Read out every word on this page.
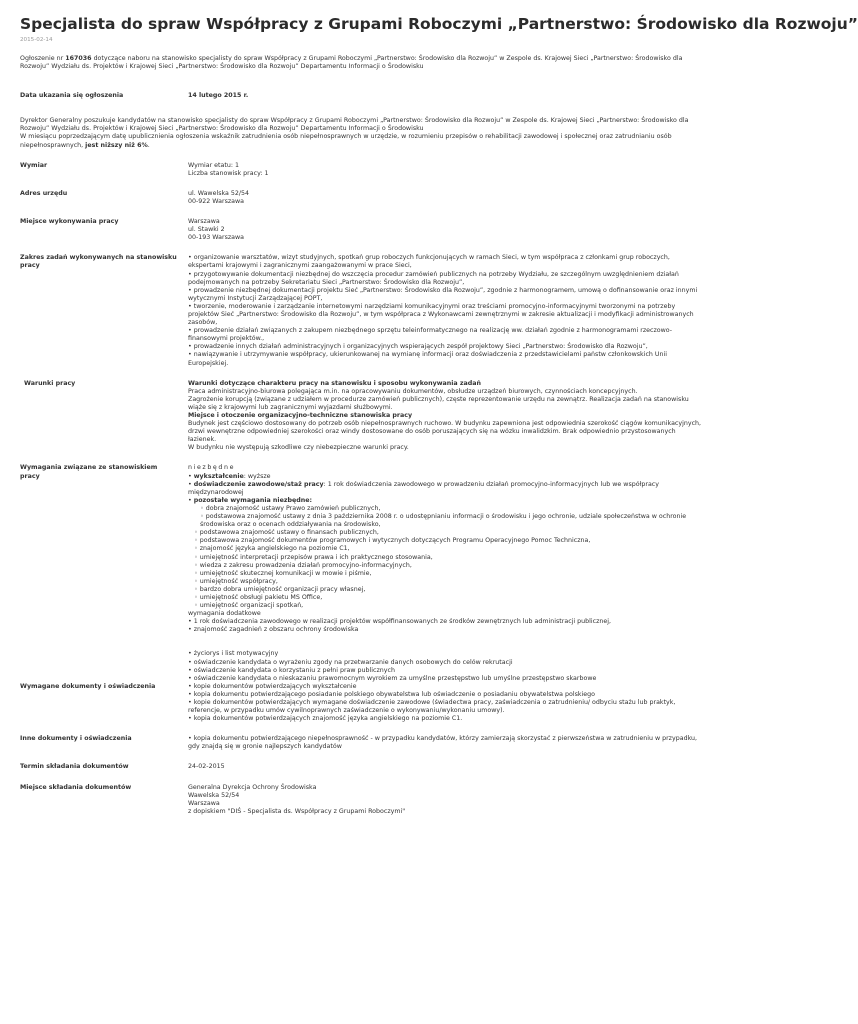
Specjalista do spraw Współpracy z Grupami Roboczymi „Partnerstwo: Środowisko dla Rozwoju”
2015-02-14
Ogłoszenie nr 167036 dotyczące naboru na stanowisko specjalisty do spraw Współpracy z Grupami Roboczymi „Partnerstwo: Środowisko dla Rozwoju” w Zespole ds. Krajowej Sieci „Partnerstwo: Środowisko dla Rozwoju” Wydziału ds. Projektów i Krajowej Sieci „Partnerstwo: Środowisko dla Rozwoju” Departamentu Informacji o Środowisku
Data ukazania się ogłoszenia	14 lutego 2015 r.
Dyrektor Generalny poszukuje kandydatów na stanowisko specjalisty do spraw Współpracy z Grupami Roboczymi „Partnerstwo: Środowisko dla Rozwoju” w Zespole ds. Krajowej Sieci „Partnerstwo: Środowisko dla Rozwoju” Wydziału ds. Projektów i Krajowej Sieci „Partnerstwo: Środowisko dla Rozwoju” Departamentu Informacji o Środowisku
W miesiącu poprzedzającym datę upublicznienia ogłoszenia wskaźnik zatrudnienia osób niepełnosprawnych w urzędzie, w rozumieniu przepisów o rehabilitacji zawodowej i społecznej oraz zatrudnianiu osób niepełnosprawnych, jest niższy niż 6%.
Wymiar	Wymiar etatu: 1
Liczba stanowisk pracy: 1
Adres urzędu	ul. Wawelska 52/54
00-922 Warszawa
Miejsce wykonywania pracy	Warszawa
ul. Stawki 2
00-193 Warszawa
Zakres zadań wykonywanych na stanowisku pracy
• organizowanie warsztatów, wizyt studyjnych, spotkań grup roboczych funkcjonujących w ramach Sieci, w tym współpraca z członkami grup roboczych, ekspertami krajowymi i zagranicznymi zaangażowanymi w prace Sieci,
• przygotowywanie dokumentacji niezbędnej do wszczęcia procedur zamówień publicznych na potrzeby Wydziału, ze szczególnym uwzględnieniem działań podejmowanych na potrzeby Sekretariatu Sieci „Partnerstwo: Środowisko dla Rozwoju”,
• prowadzenie niezbędnej dokumentacji projektu Sieć „Partnerstwo: Środowisko dla Rozwoju”, zgodnie z harmonogramem, umową o dofinansowanie oraz innymi wytycznymi Instytucji Zarządzającej POPT,
• tworzenie, moderowanie i zarządzanie internetowymi narzędziami komunikacyjnymi oraz treściami promocyjno-informacyjnymi tworzonymi na potrzeby projektów Sieć „Partnerstwo: Środowisko dla Rozwoju”, w tym współpraca z Wykonawcami zewnętrznymi w zakresie aktualizacji i modyfikacji administrowanych zasobów,
• prowadzenie działań związanych z zakupem niezbędnego sprzętu teleinformatycznego na realizację ww. działań zgodnie z harmonogramami rzeczowo-finansowymi projektów.,
• prowadzenie innych działań administracyjnych i organizacyjnych wspierających zespół projektowy Sieci „Partnerstwo: Środowisko dla Rozwoju”,
• nawiązywanie i utrzymywanie współpracy, ukierunkowanej na wymianę informacji oraz doświadczenia z przedstawicielami państw członkowskich Unii Europejskiej.
Warunki pracy	Warunki dotyczące charakteru pracy na stanowisku i sposobu wykonywania zadań
Praca administracyjno-biurowa polegająca m.in. na opracowywaniu dokumentów, obsłudze urządzeń biurowych, czynnościach koncepcyjnych.
Zagrożenie korupcją (związane z udziałem w procedurze zamówień publicznych), częste reprezentowanie urzędu na zewnątrz. Realizacja zadań na stanowisku wiąże się z krajowymi lub zagranicznymi wyjazdami służbowymi.
Miejsce i otoczenie organizacyjno-techniczne stanowiska pracy
Budynek jest częściowo dostosowany do potrzeb osób niepełnosprawnych ruchowo. W budynku zapewniona jest odpowiednia szerokość ciągów komunikacyjnych, drzwi wewnętrzne odpowiedniej szerokości oraz windy dostosowane do osób poruszających się na wózku inwalidzkim. Brak odpowiednio przystosowanych łazienek.
W budynku nie występują szkodliwe czy niebezpieczne warunki pracy.
Wymagania związane ze stanowiskiem pracy
niezbędne
• wykształcenie: wyższe
• doświadczenie zawodowe/staż pracy: 1 rok doświadczenia zawodowego w prowadzeniu działań promocyjno-informacyjnych lub we współpracy międzynarodowej
• pozostałe wymagania niezbędne:
◦ dobra znajomość ustawy Prawo zamówień publicznych,
◦ podstawowa znajomość ustawy z dnia 3 października 2008 r. o udostępnianiu informacji o środowisku i jego ochronie, udziale społeczeństwa w ochronie środowiska oraz o ocenach oddziaływania na środowisko,
◦ podstawowa znajomość ustawy o finansach publicznych,
◦ podstawowa znajomość dokumentów programowych i wytycznych dotyczących Programu Operacyjnego Pomoc Techniczna,
◦ znajomość języka angielskiego na poziomie C1,
◦ umiejętność interpretacji przepisów prawa i ich praktycznego stosowania,
◦ wiedza z zakresu prowadzenia działań promocyjno-informacyjnych,
◦ umiejętność skutecznej komunikacji w mowie i piśmie,
◦ umiejętność współpracy,
◦ bardzo dobra umiejętność organizacji pracy własnej,
◦ umiejętność obsługi pakietu MS Office,
◦ umiejętność organizacji spotkań,
wymagania dodatkowe
• 1 rok doświadczenia zawodowego w realizacji projektów współfinansowanych ze środków zewnętrznych lub administracji publicznej,
• znajomość zagadnień z obszaru ochrony środowiska
Wymagane dokumenty i oświadczenia
• życiorys i list motywacyjny
• oświadczenie kandydata o wyrażeniu zgody na przetwarzanie danych osobowych do celów rekrutacji
• oświadczenie kandydata o korzystaniu z pełni praw publicznych
• oświadczenie kandydata o nieskazaniu prawomocnym wyrokiem za umyślne przestępstwo lub umyślne przestępstwo skarbowe
• kopie dokumentów potwierdzających wykształcenie
• kopia dokumentu potwierdzającego posiadanie polskiego obywatelstwa lub oświadczenie o posiadaniu obywatelstwa polskiego
• kopie dokumentów potwierdzających wymagane doświadczenie zawodowe (świadectwa pracy, zaświadczenia o zatrudnieniu/ odbyciu stażu lub praktyk, referencje, w przypadku umów cywilnoprawnych zaświadczenie o wykonywaniu/wykonaniu umowy).
• kopia dokumentów potwierdzających znajomość języka angielskiego na poziomie C1.
Inne dokumenty i oświadczenia
•	kopia dokumentu potwierdzającego niepełnosprawność - w przypadku kandydatów, którzy zamierzają skorzystać z pierwszeństwa w zatrudnieniu w przypadku, gdy znajdą się w gronie najlepszych kandydatów
Termin składania dokumentów	24-02-2015
Miejsce składania dokumentów	Generalna Dyrekcja Ochrony Środowiska
Wawelska 52/54
Warszawa
z dopiskiem "DIŚ - Specjalista ds. Współpracy z Grupami Roboczymi"
